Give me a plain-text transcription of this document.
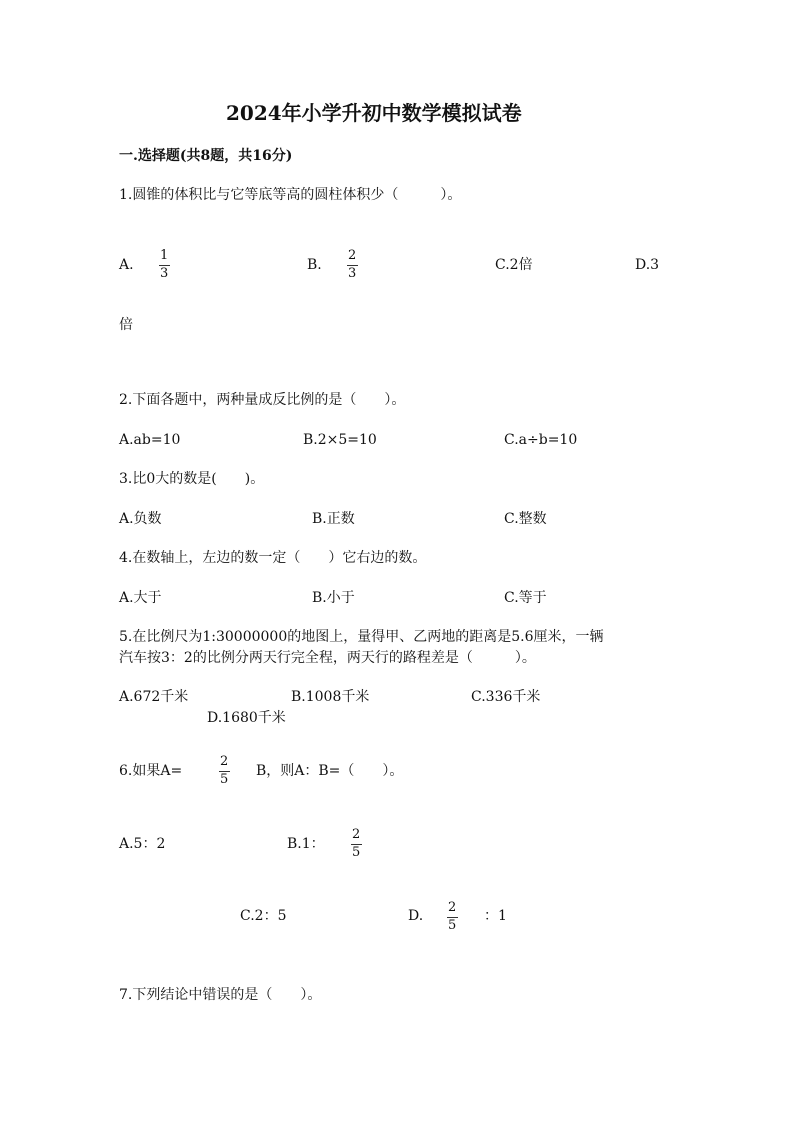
2024年小学升初中数学模拟试卷
一.选择题(共8题，共16分)
1.圆锥的体积比与它等底等高的圆柱体积少（　　　）。
A.
1
3
B.
2
3
C.2倍	D.3
倍
2.下面各题中，两种量成反比例的是（　　）。
A.ab=10	B.2×5=10	C.a÷b=10
3.比0大的数是(　　)。
A.负数	B.正数	C.整数
4.在数轴上，左边的数一定（　　）它右边的数。
A.大于	B.小于	C.等于
5.在比例尺为1:30000000的地图上，量得甲、乙两地的距离是5.6厘米，一辆
汽车按3：2的比例分两天行完全程，两天行的路程差是（　　　）。
A.672千米	B.1008千米	C.336千米
D.1680千米
6.如果A=
2
5
B，则A：B=（　　）。
A.5：2	B.1：
2
5
C.2：5	D.
2
5
：1
7.下列结论中错误的是（　　）。
